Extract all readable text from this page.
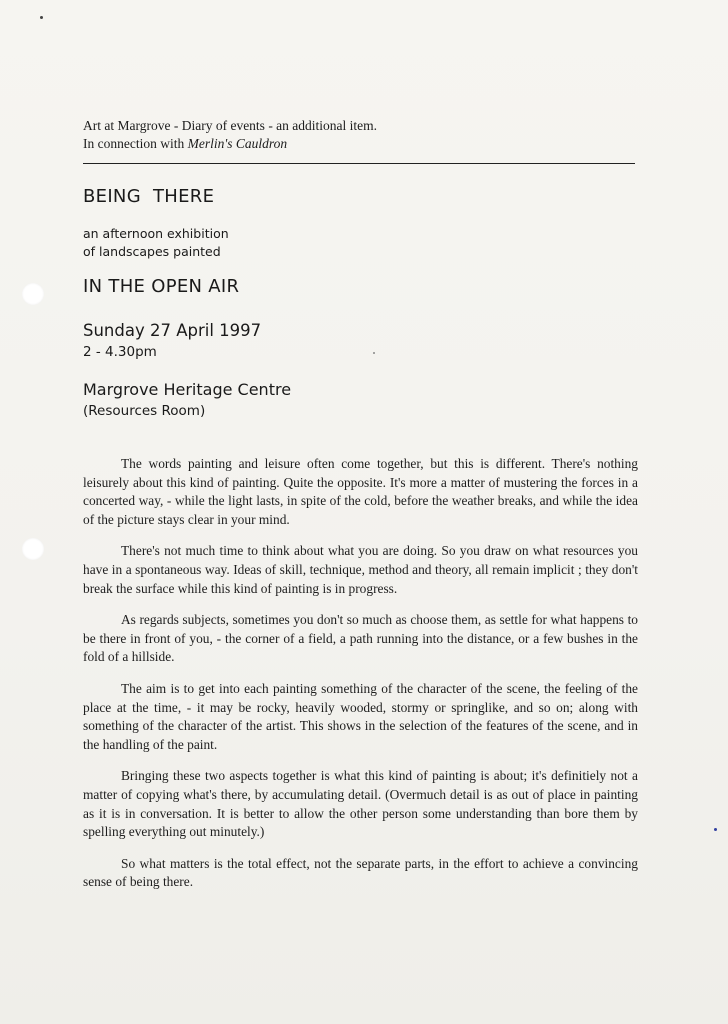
Art at Margrove - Diary of events - an additional item.
In connection with Merlin's Cauldron
BEING  THERE
an afternoon exhibition
of landscapes painted
IN THE OPEN AIR
Sunday 27 April 1997
2 - 4.30pm
Margrove Heritage Centre
(Resources Room)

The words painting and leisure often come together, but this is different. There's nothing leisurely about this kind of painting. Quite the opposite. It's more a matter of mustering the forces in a concerted way, - while the light lasts, in spite of the cold, before the weather breaks, and while the idea of the picture stays clear in your mind.

There's not much time to think about what you are doing. So you draw on what resources you have in a spontaneous way. Ideas of skill, technique, method and theory, all remain implicit ; they don't break the surface while this kind of painting is in progress.

As regards subjects, sometimes you don't so much as choose them, as settle for what happens to be there in front of you, - the corner of a field, a path running into the distance, or a few bushes in the fold of a hillside.

The aim is to get into each painting something of the character of the scene, the feeling of the place at the time, - it may be rocky, heavily wooded, stormy or springlike, and so on; along with something of the character of the artist. This shows in the selection of the features of the scene, and in the handling of the paint.

Bringing these two aspects together is what this kind of painting is about; it's definitiely not a matter of copying what's there, by accumulating detail. (Overmuch detail is as out of place in painting as it is in conversation. It is better to allow the other person some understanding than bore them by spelling everything out minutely.)

So what matters is the total effect, not the separate parts, in the effort to achieve a convincing sense of being there.
